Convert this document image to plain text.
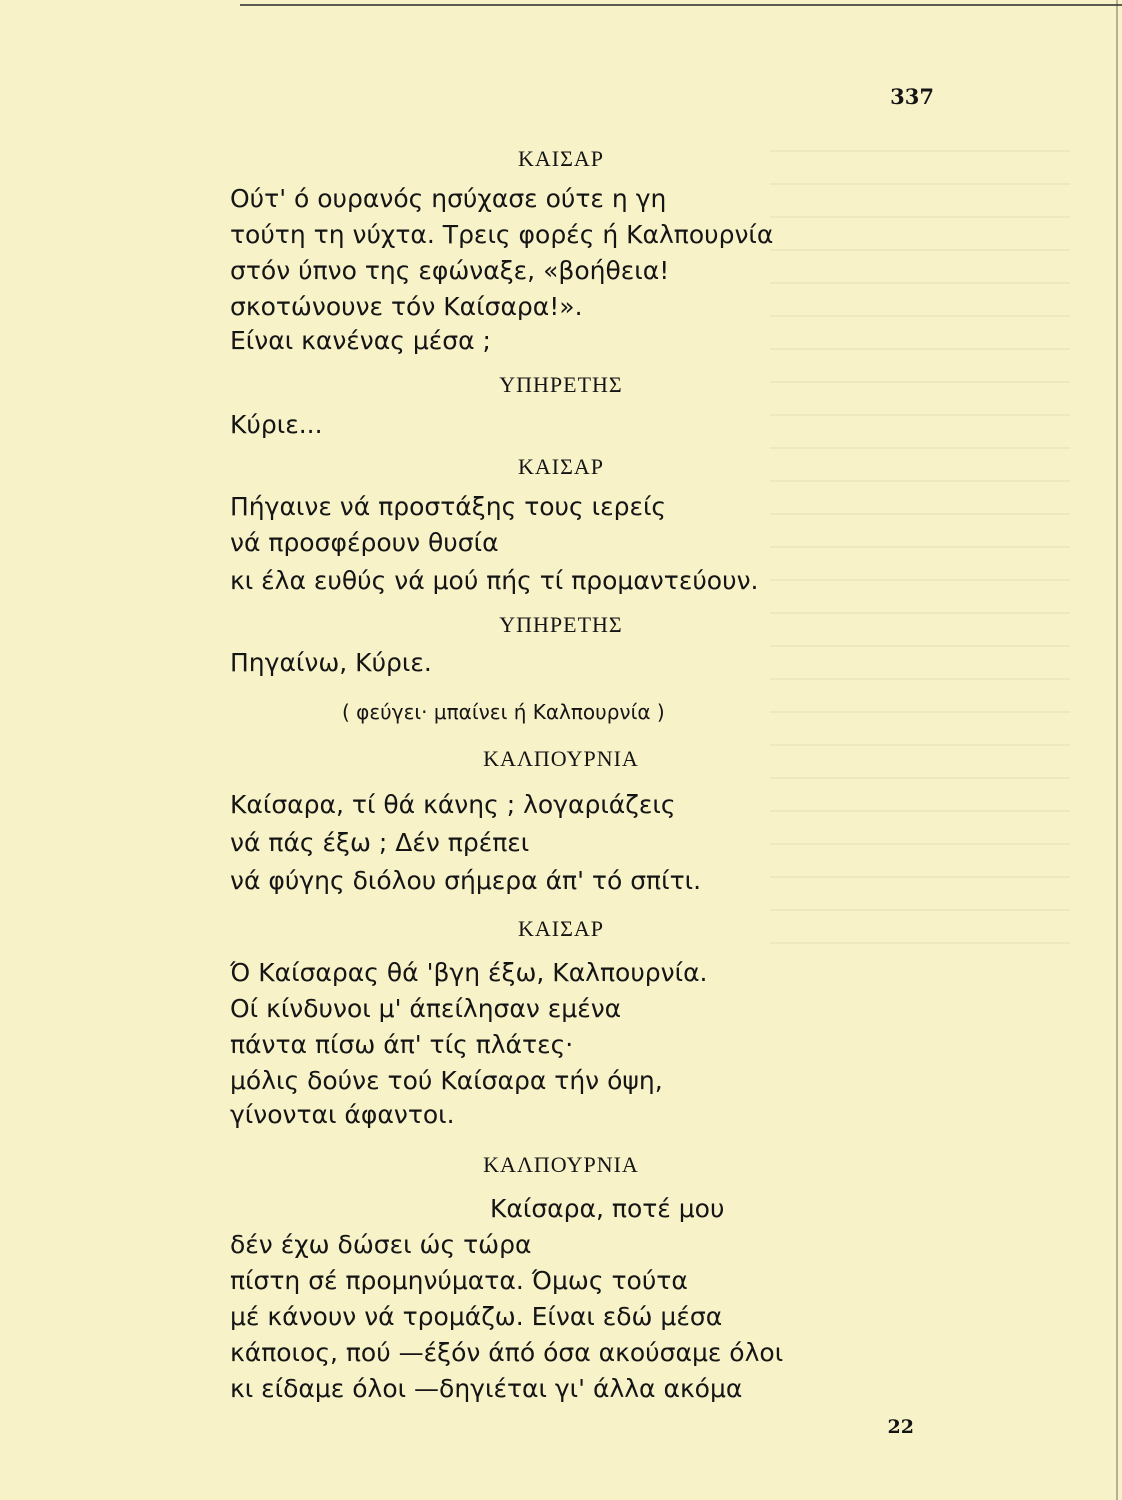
337
ΚΑΙΣΑΡ
Ούτ' ό ουρανός ησύχασε ούτε η γη
τούτη τη νύχτα. Τρεις φορές ή Καλπουρνία
στόν ύπνο της εφώναξε, «βοήθεια!
σκοτώνουνε τόν Καίσαρα!».
Είναι κανένας μέσα ;
ΥΠΗΡΕΤΗΣ
Κύριε...
ΚΑΙΣΑΡ
Πήγαινε νά προστάξης τους ιερείς
νά προσφέρουν θυσία
κι έλα ευθύς νά μού πής τί προμαντεύουν.
ΥΠΗΡΕΤΗΣ
Πηγαίνω, Κύριε.
( φεύγει· μπαίνει ή Καλπουρνία )
ΚΑΛΠΟΥΡΝΙΑ
Καίσαρα, τί θά κάνης ; λογαριάζεις
νά πάς έξω ; Δέν πρέπει
νά φύγης διόλου σήμερα άπ' τό σπίτι.
ΚΑΙΣΑΡ
Ό Καίσαρας θά 'βγη έξω, Καλπουρνία.
Οί κίνδυνοι μ' άπείλησαν εμένα
πάντα πίσω άπ' τίς πλάτες·
μόλις δούνε τού Καίσαρα τήν όψη,
γίνονται άφαντοι.
ΚΑΛΠΟΥΡΝΙΑ
Καίσαρα, ποτέ μου
δέν έχω δώσει ώς τώρα
πίστη σέ προμηνύματα. Όμως τούτα
μέ κάνουν νά τρομάζω. Είναι εδώ μέσα
κάποιος, πού —έξόν άπό όσα ακούσαμε όλοι
κι είδαμε όλοι —δηγιέται γι' άλλα ακόμα
22
